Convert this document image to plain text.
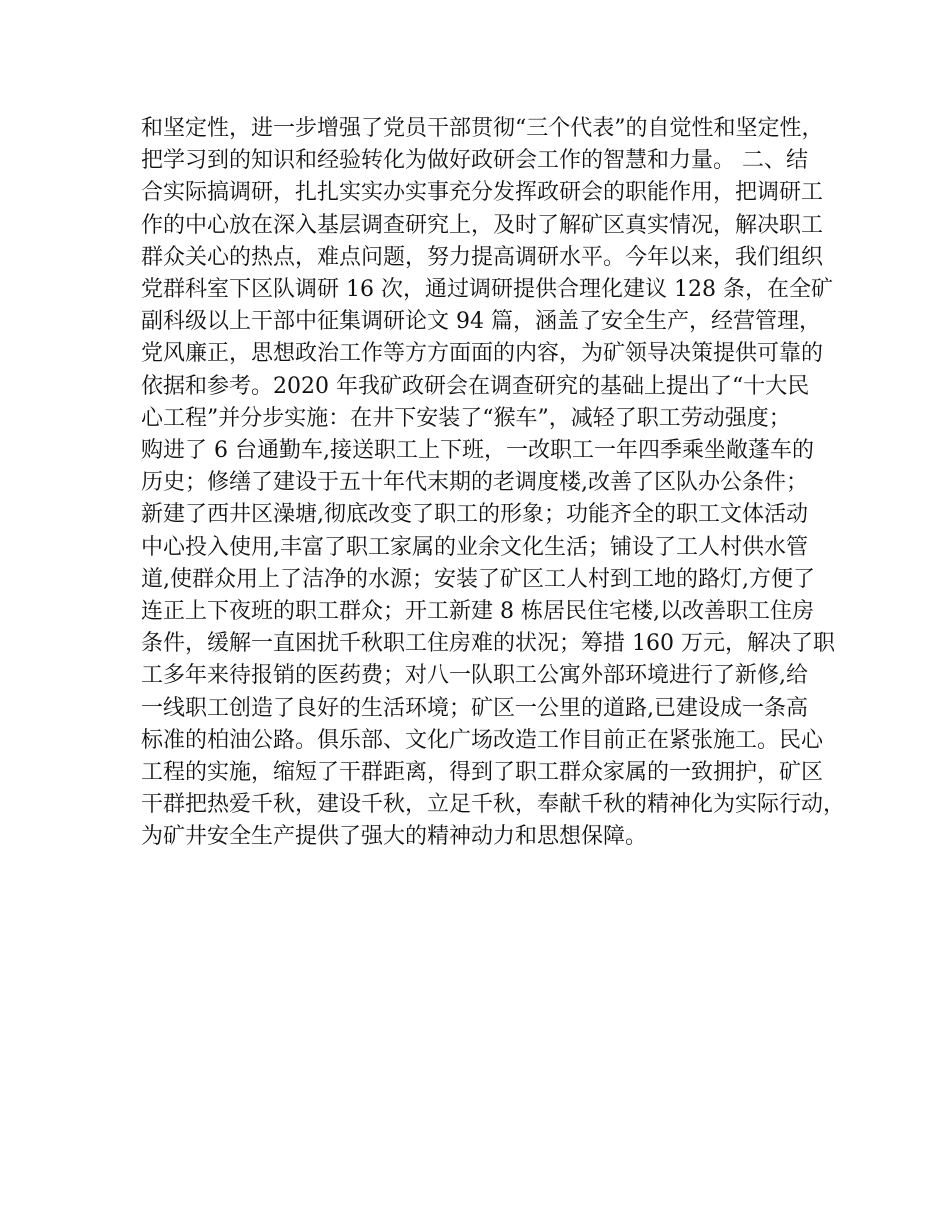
和坚定性，进一步增强了党员干部贯彻“三个代表”的自觉性和坚定性，
把学习到的知识和经验转化为做好政研会工作的智慧和力量。 二、结
合实际搞调研，扎扎实实办实事充分发挥政研会的职能作用，把调研工
作的中心放在深入基层调查研究上，及时了解矿区真实情况，解决职工
群众关心的热点，难点问题，努力提高调研水平。今年以来，我们组织
党群科室下区队调研 16 次，通过调研提供合理化建议 128 条，在全矿
副科级以上干部中征集调研论文 94 篇，涵盖了安全生产，经营管理，
党风廉正，思想政治工作等方方面面的内容，为矿领导决策提供可靠的
依据和参考。2020 年我矿政研会在调查研究的基础上提出了“十大民
心工程”并分步实施：在井下安装了“猴车”，减轻了职工劳动强度；
购进了 6 台通勤车,接送职工上下班，一改职工一年四季乘坐敞蓬车的
历史；修缮了建设于五十年代末期的老调度楼,改善了区队办公条件；
新建了西井区澡塘,彻底改变了职工的形象；功能齐全的职工文体活动
中心投入使用,丰富了职工家属的业余文化生活；铺设了工人村供水管
道,使群众用上了洁净的水源；安装了矿区工人村到工地的路灯,方便了
连正上下夜班的职工群众；开工新建 8 栋居民住宅楼,以改善职工住房
条件，缓解一直困扰千秋职工住房难的状况；筹措 160 万元，解决了职
工多年来待报销的医药费；对八一队职工公寓外部环境进行了新修,给
一线职工创造了良好的生活环境；矿区一公里的道路,已建设成一条高
标准的柏油公路。俱乐部、文化广场改造工作目前正在紧张施工。民心
工程的实施，缩短了干群距离，得到了职工群众家属的一致拥护，矿区
干群把热爱千秋，建设千秋，立足千秋，奉献千秋的精神化为实际行动，
为矿井安全生产提供了强大的精神动力和思想保障。
